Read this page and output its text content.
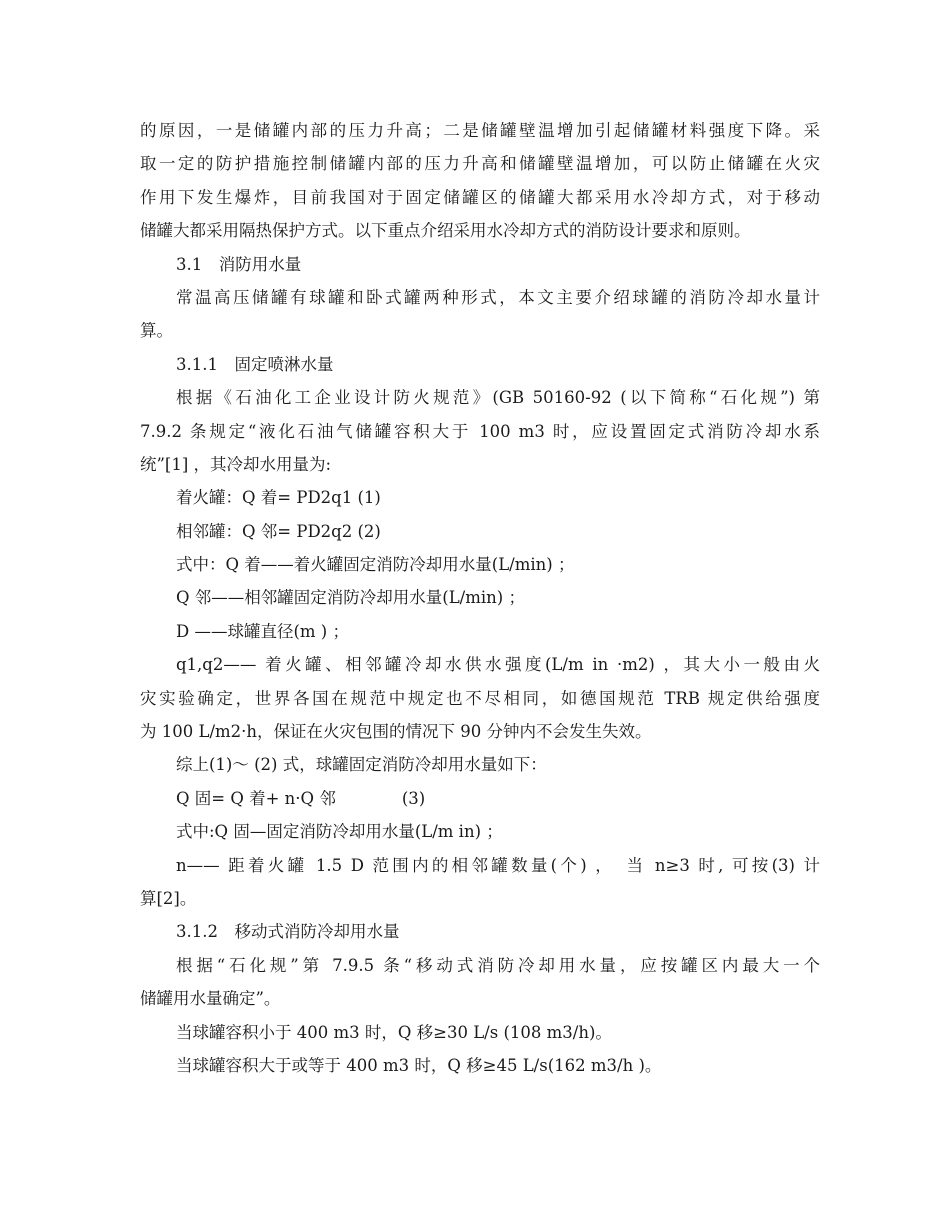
的原因，一是储罐内部的压力升高；二是储罐壁温增加引起储罐材料强度下降。采
取一定的防护措施控制储罐内部的压力升高和储罐壁温增加，可以防止储罐在火灾
作用下发生爆炸，目前我国对于固定储罐区的储罐大都采用水冷却方式，对于移动
储罐大都采用隔热保护方式。以下重点介绍采用水冷却方式的消防设计要求和原则。
3.1　消防用水量
常温高压储罐有球罐和卧式罐两种形式，本文主要介绍球罐的消防冷却水量计
算。
3.1.1　固定喷淋水量
根据《石油化工企业设计防火规范》(GB 50160-92 (以下简称“石化规”) 第
7.9.2 条规定“液化石油气储罐容积大于 100 m3 时，应设置固定式消防冷却水系
统”[1] ，其冷却水用量为:
着火罐：Q 着= PD2q1 (1)
相邻罐：Q 邻= PD2q2 (2)
式中：Q 着——着火罐固定消防冷却用水量(L/min) ；
Q 邻——相邻罐固定消防冷却用水量(L/min) ；
D ——球罐直径(m ) ；
q1,q2—— 着火罐、相邻罐冷却水供水强度(L/m in ·m2) ，其大小一般由火
灾实验确定，世界各国在规范中规定也不尽相同，如德国规范 TRB 规定供给强度
为 100 L/m2·h，保证在火灾包围的情况下 90 分钟内不会发生失效。
综上(1)～ (2) 式，球罐固定消防冷却用水量如下：
Q 固= Q 着+ n·Q 邻　　　　(3)
式中:Q 固—固定消防冷却用水量(L/m in) ；
n—— 距着火罐 1.5 D 范围内的相邻罐数量(个) ，　当 n≥3 时, 可按(3) 计
算[2]。
3.1.2　移动式消防冷却用水量
根据“石化规”第 7.9.5 条“移动式消防冷却用水量，应按罐区内最大一个
储罐用水量确定”。
当球罐容积小于 400 m3 时，Q 移≥30 L/s (108 m3/h)。
当球罐容积大于或等于 400 m3 时，Q 移≥45 L/s(162 m3/h )。
